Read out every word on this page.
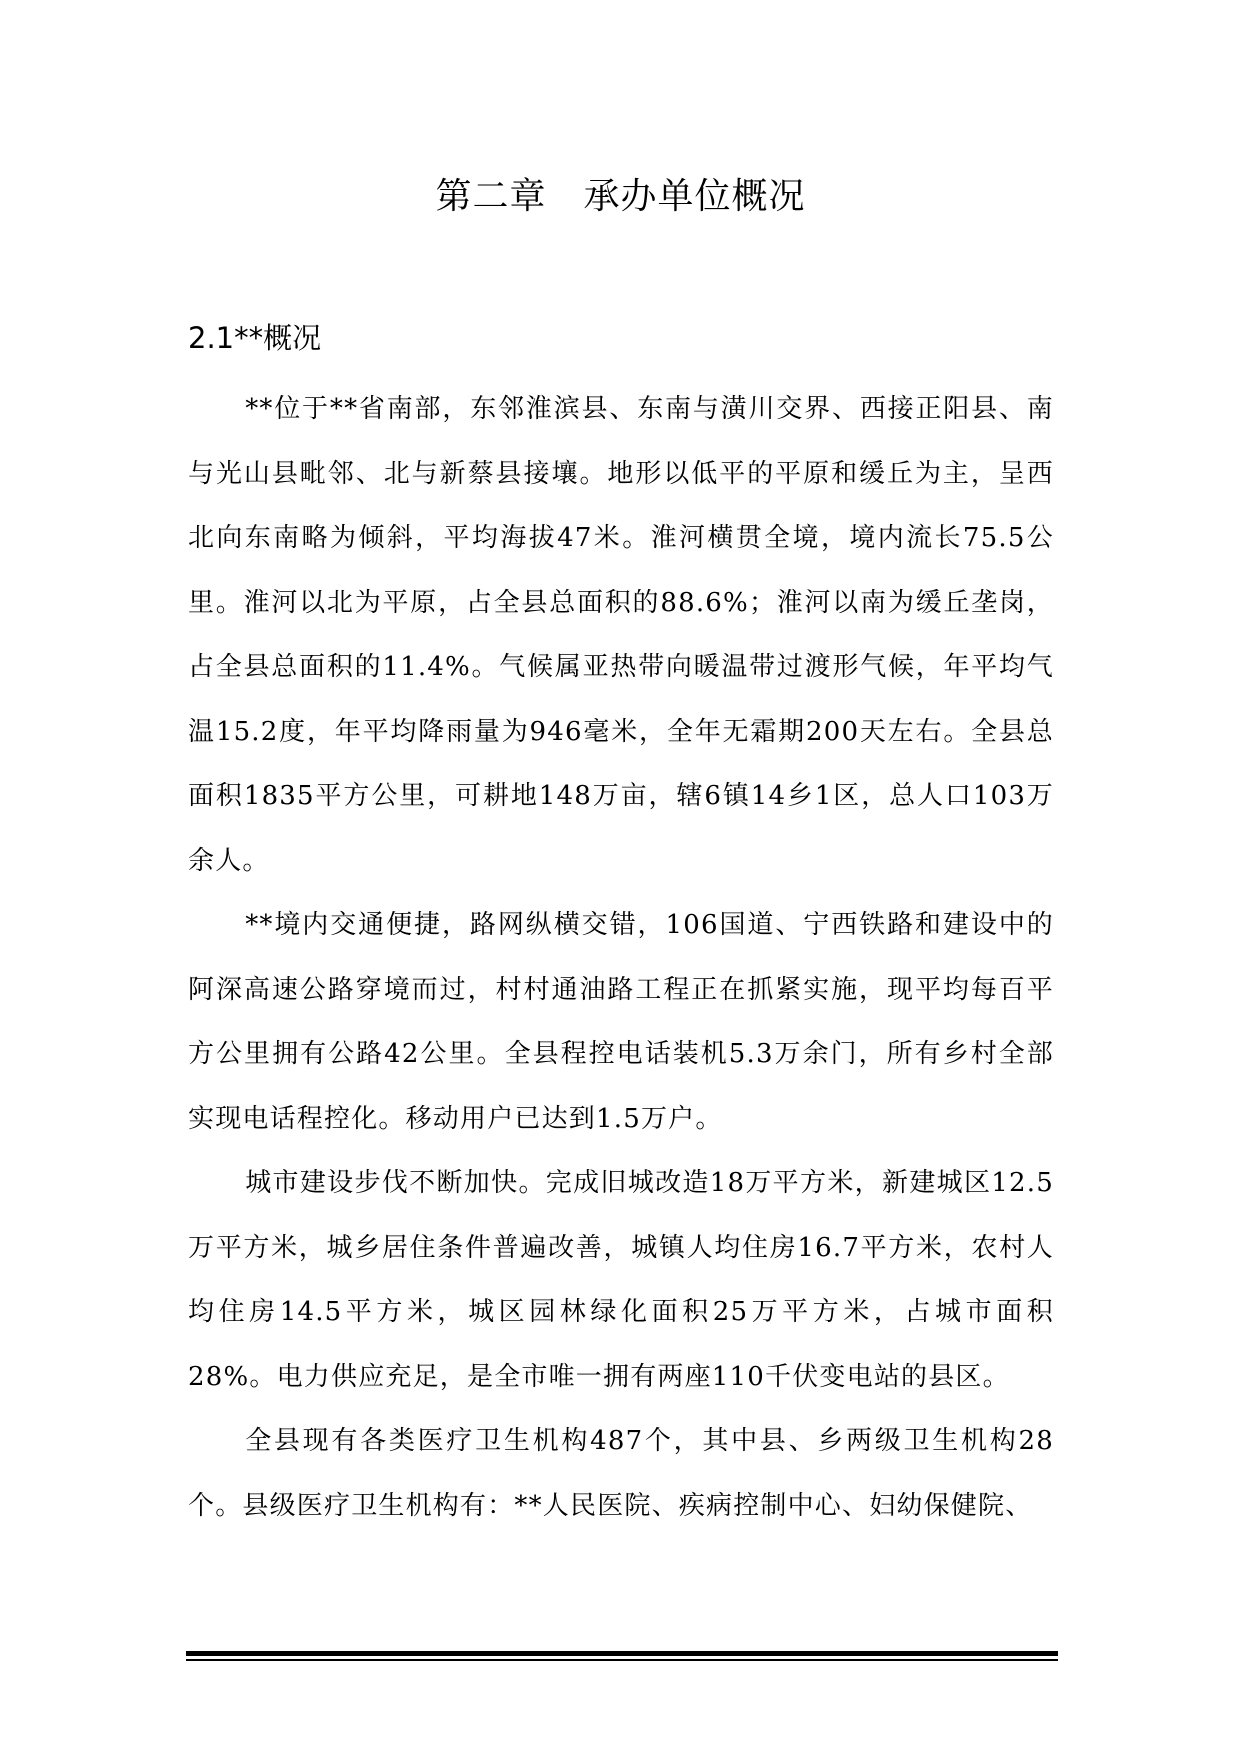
第二章　承办单位概况
2.1**概况

**位于**省南部，东邻淮滨县、东南与潢川交界、西接正阳县、南与光山县毗邻、北与新蔡县接壤。地形以低平的平原和缓丘为主，呈西北向东南略为倾斜，平均海拔47米。淮河横贯全境，境内流长75.5公里。淮河以北为平原，占全县总面积的88.6%；淮河以南为缓丘垄岗，占全县总面积的11.4%。气候属亚热带向暖温带过渡形气候，年平均气温15.2度，年平均降雨量为946毫米，全年无霜期200天左右。全县总面积1835平方公里，可耕地148万亩，辖6镇14乡1区，总人口103万余人。

**境内交通便捷，路网纵横交错，106国道、宁西铁路和建设中的阿深高速公路穿境而过，村村通油路工程正在抓紧实施，现平均每百平方公里拥有公路42公里。全县程控电话装机5.3万余门，所有乡村全部实现电话程控化。移动用户已达到1.5万户。

城市建设步伐不断加快。完成旧城改造18万平方米，新建城区12.5万平方米，城乡居住条件普遍改善，城镇人均住房16.7平方米，农村人均住房14.5平方米，城区园林绿化面积25万平方米，占城市面积28%。电力供应充足，是全市唯一拥有两座110千伏变电站的县区。

全县现有各类医疗卫生机构487个，其中县、乡两级卫生机构28个。县级医疗卫生机构有：**人民医院、疾病控制中心、妇幼保健院、
